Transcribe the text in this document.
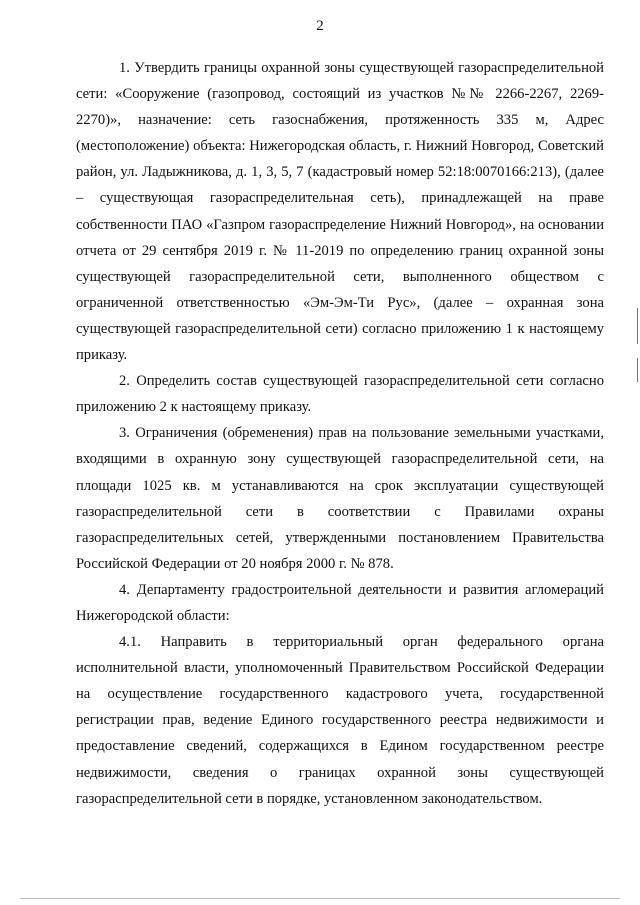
2

1. Утвердить границы охранной зоны существующей газораспределительной сети: «Сооружение (газопровод, состоящий из участков №№ 2266-2267, 2269-2270)», назначение: сеть газоснабжения, протяженность 335 м, Адрес (местоположение) объекта: Нижегородская область, г. Нижний Новгород, Советский район, ул. Ладыжникова, д. 1, 3, 5, 7 (кадастровый номер 52:18:0070166:213), (далее – существующая газораспределительная сеть), принадлежащей на праве собственности ПАО «Газпром газораспределение Нижний Новгород», на основании отчета от 29 сентября 2019 г. № 11-2019 по определению границ охранной зоны существующей газораспределительной сети, выполненного обществом с ограниченной ответственностью «Эм-Эм-Ти Рус», (далее – охранная зона существующей газораспределительной сети) согласно приложению 1 к настоящему приказу.

2. Определить состав существующей газораспределительной сети согласно приложению 2 к настоящему приказу.

3. Ограничения (обременения) прав на пользование земельными участками, входящими в охранную зону существующей газораспределительной сети, на площади 1025 кв. м устанавливаются на срок эксплуатации существующей газораспределительной сети в соответствии с Правилами охраны газораспределительных сетей, утвержденными постановлением Правительства Российской Федерации от 20 ноября 2000 г. № 878.

4. Департаменту градостроительной деятельности и развития агломераций Нижегородской области:

4.1. Направить в территориальный орган федерального органа исполнительной власти, уполномоченный Правительством Российской Федерации на осуществление государственного кадастрового учета, государственной регистрации прав, ведение Единого государственного реестра недвижимости и предоставление сведений, содержащихся в Едином государственном реестре недвижимости, сведения о границах охранной зоны существующей газораспределительной сети в порядке, установленном законодательством.
